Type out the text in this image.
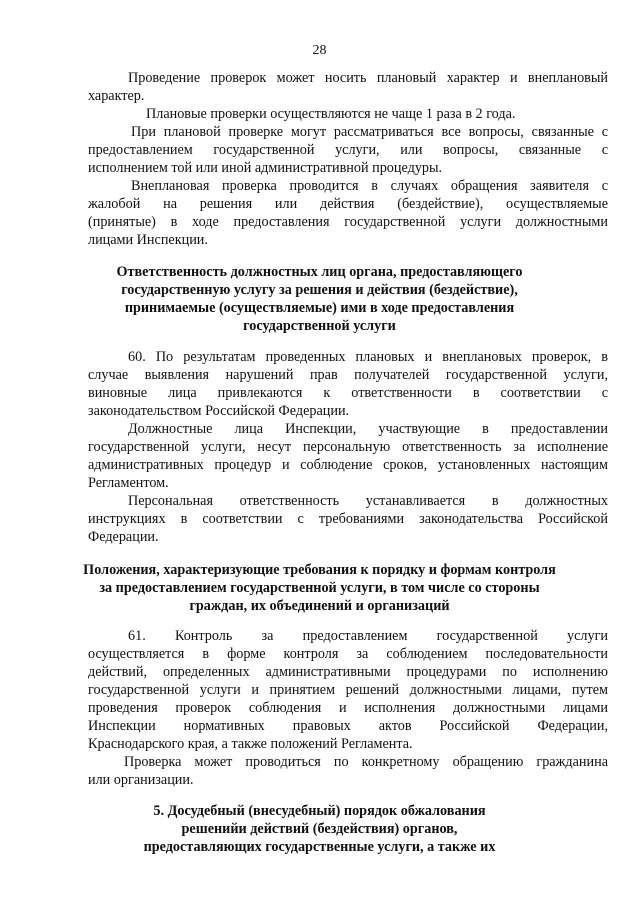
28
Проведение проверок может носить плановый характер и внеплановый
характер.
Плановые проверки осуществляются не чаще 1 раза в 2 года.
При плановой проверке могут рассматриваться все вопросы, связанные с
предоставлением государственной услуги, или вопросы, связанные с
исполнением той или иной административной процедуры.
Внеплановая проверка проводится в случаях обращения заявителя с
жалобой на решения или действия (бездействие), осуществляемые
(принятые) в ходе предоставления государственной услуги должностными
лицами Инспекции.
Ответственность должностных лиц органа, предоставляющего
государственную услугу за решения и действия (бездействие),
принимаемые (осуществляемые) ими в ходе предоставления
государственной услуги
60. По результатам проведенных плановых и внеплановых проверок, в
случае выявления нарушений прав получателей государственной услуги,
виновные лица привлекаются к ответственности в соответствии с
законодательством Российской Федерации.
Должностные лица Инспекции, участвующие в предоставлении
государственной услуги, несут персональную ответственность за исполнение
административных процедур и соблюдение сроков, установленных настоящим
Регламентом.
Персональная ответственность устанавливается в должностных
инструкциях в соответствии с требованиями законодательства Российской
Федерации.
Положения, характеризующие требования к порядку и формам контроля
за предоставлением государственной услуги, в том числе со стороны
граждан, их объединений и организаций
61. Контроль за предоставлением государственной услуги
осуществляется в форме контроля за соблюдением последовательности
действий, определенных административными процедурами по исполнению
государственной услуги и принятием решений должностными лицами, путем
проведения проверок соблюдения и исполнения должностными лицами
Инспекции нормативных правовых актов Российской Федерации,
Краснодарского края, а также положений Регламента.
Проверка может проводиться по конкретному обращению гражданина
или организации.
5. Досудебный (внесудебный) порядок обжалования
решенийи действий (бездействия) органов,
предоставляющих государственные услуги, а также их
